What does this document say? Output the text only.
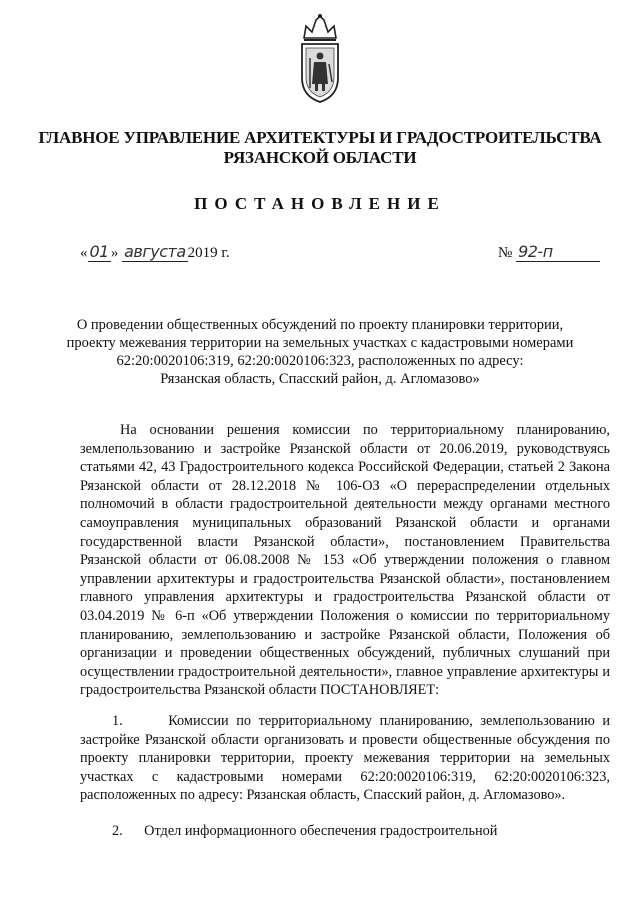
ГЛАВНОЕ УПРАВЛЕНИЕ АРХИТЕКТУРЫ И ГРАДОСТРОИТЕЛЬСТВА
РЯЗАНСКОЙ ОБЛАСТИ
ПОСТАНОВЛЕНИЕ
« 01 » августа 2019 г.	№ 92-п
О проведении общественных обсуждений по проекту планировки территории,
проекту межевания территории на земельных участках с кадастровыми номерами
62:20:0020106:319, 62:20:0020106:323, расположенных по адресу:
Рязанская область, Спасский район, д. Агломазово»
На основании решения комиссии по территориальному планированию, землепользованию и застройке Рязанской области от 20.06.2019, руководствуясь статьями 42, 43 Градостроительного кодекса Российской Федерации, статьей 2 Закона Рязанской области от 28.12.2018 № 106-ОЗ «О перераспределении отдельных полномочий в области градостроительной деятельности между органами местного самоуправления муниципальных образований Рязанской области и органами государственной власти Рязанской области», постановлением Правительства Рязанской области от 06.08.2008 № 153 «Об утверждении положения о главном управлении архитектуры и градостроительства Рязанской области», постановлением главного управления архитектуры и градостроительства Рязанской области от 03.04.2019 № 6-п «Об утверждении Положения о комиссии по территориальному планированию, землепользованию и застройке Рязанской области, Положения об организации и проведении общественных обсуждений, публичных слушаний при осуществлении градостроительной деятельности», главное управление архитектуры и градостроительства Рязанской области ПОСТАНОВЛЯЕТ:
1.      Комиссии по территориальному планированию, землепользованию и застройке Рязанской области организовать и провести общественные обсуждения по проекту планировки территории, проекту межевания территории на земельных участках с кадастровыми номерами 62:20:0020106:319, 62:20:0020106:323, расположенных по адресу: Рязанская область, Спасский район, д. Агломазово».
2.      Отдел информационного обеспечения градостроительной
